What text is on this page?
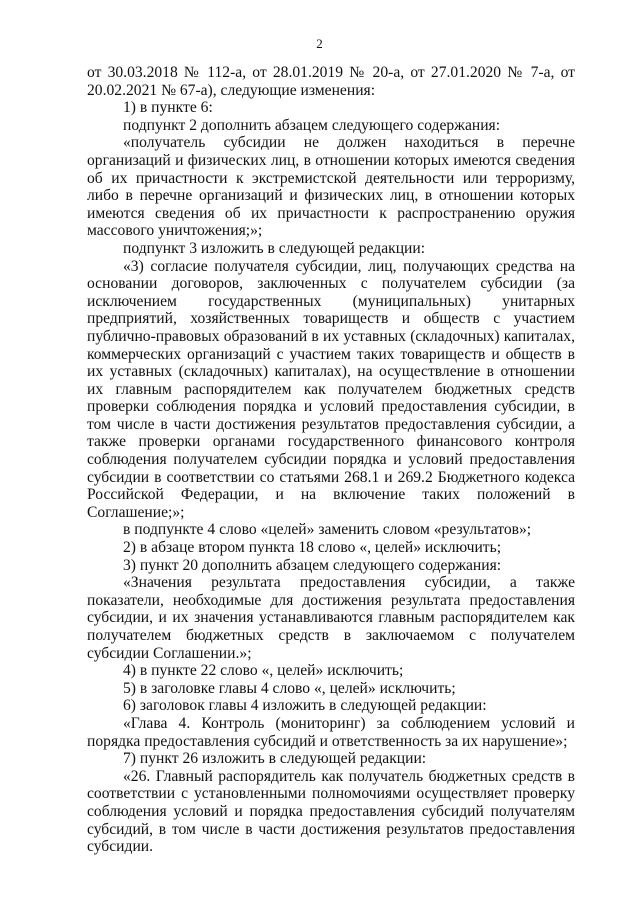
2

от 30.03.2018 № 112-а, от 28.01.2019 № 20-а, от 27.01.2020 № 7-а, от 20.02.2021 № 67-а), следующие изменения:

1) в пункте 6:

подпункт 2 дополнить абзацем следующего содержания:

«получатель субсидии не должен находиться в перечне организаций и физических лиц, в отношении которых имеются сведения об их причастности к экстремистской деятельности или терроризму, либо в перечне организаций и физических лиц, в отношении которых имеются сведения об их причастности к распространению оружия массового уничтожения;»;

подпункт 3 изложить в следующей редакции:

«3) согласие получателя субсидии, лиц, получающих средства на основании договоров, заключенных с получателем субсидии (за исключением государственных (муниципальных) унитарных предприятий, хозяйственных товариществ и обществ с участием публично-правовых образований в их уставных (складочных) капиталах, коммерческих организаций с участием таких товариществ и обществ в их уставных (складочных) капиталах), на осуществление в отношении их главным распорядителем как получателем бюджетных средств проверки соблюдения порядка и условий предоставления субсидии, в том числе в части достижения результатов предоставления субсидии, а также проверки органами государственного финансового контроля соблюдения получателем субсидии порядка и условий предоставления субсидии в соответствии со статьями 268.1 и 269.2 Бюджетного кодекса Российской Федерации, и на включение таких положений в Соглашение;»;

в подпункте 4 слово «целей» заменить словом «результатов»;

2) в абзаце втором пункта 18 слово «, целей» исключить;

3) пункт 20 дополнить абзацем следующего содержания:

«Значения результата предоставления субсидии, а также показатели, необходимые для достижения результата предоставления субсидии, и их значения устанавливаются главным распорядителем как получателем бюджетных средств в заключаемом с получателем субсидии Соглашении.»;

4) в пункте 22 слово «, целей» исключить;

5) в заголовке главы 4 слово «, целей» исключить;

6) заголовок главы 4 изложить в следующей редакции:

«Глава 4. Контроль (мониторинг) за соблюдением условий и порядка предоставления субсидий и ответственность за их нарушение»;

7) пункт 26 изложить в следующей редакции:

«26. Главный распорядитель как получатель бюджетных средств в соответствии с установленными полномочиями осуществляет проверку соблюдения условий и порядка предоставления субсидий получателям субсидий, в том числе в части достижения результатов предоставления субсидии.
